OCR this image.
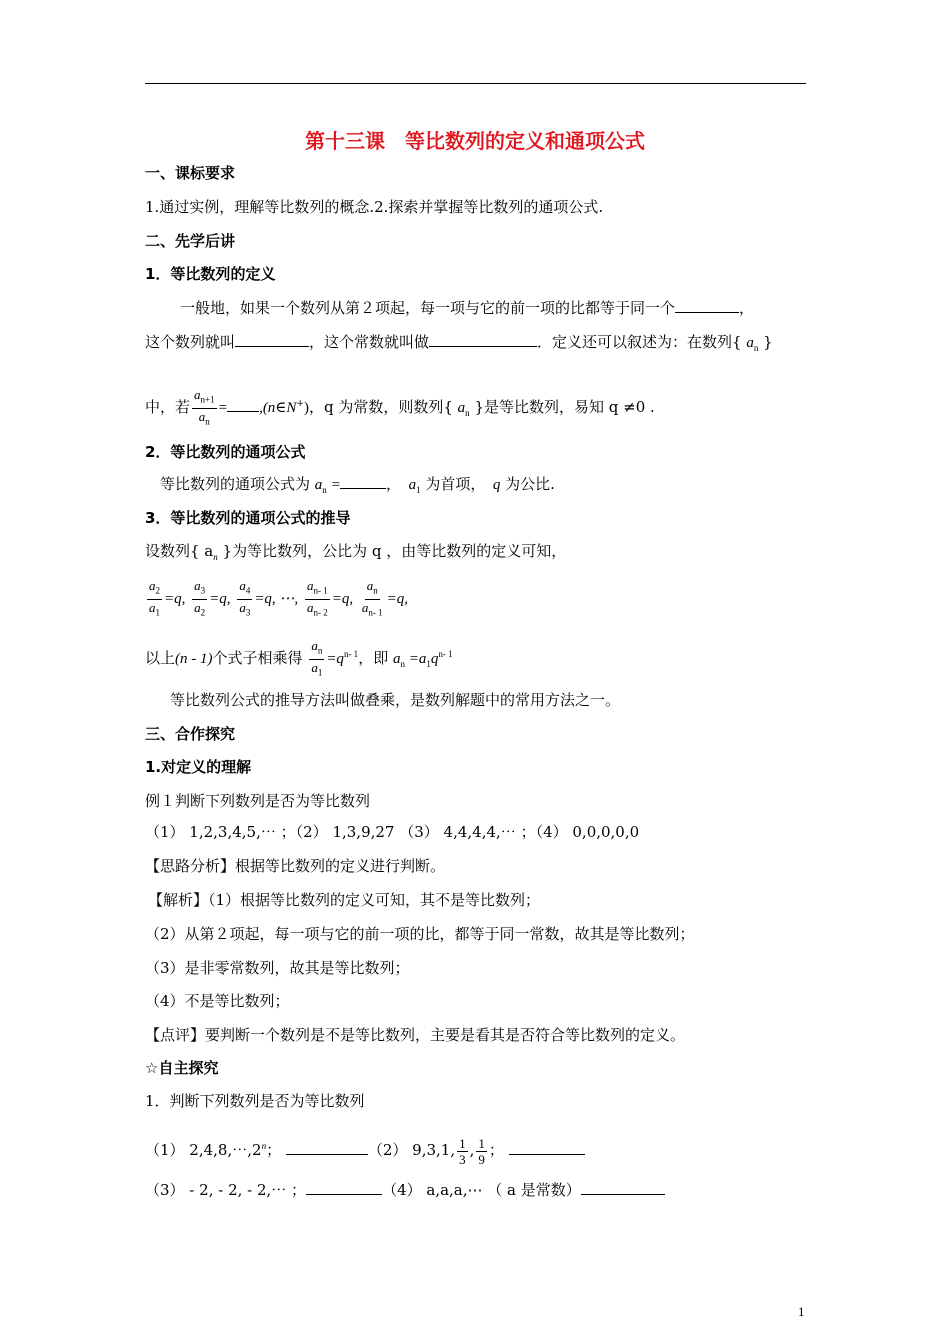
第十三课　等比数列的定义和通项公式
一、课标要求
1.通过实例，理解等比数列的概念.2.探索并掌握等比数列的通项公式.
二、先学后讲
1．等比数列的定义
一般地，如果一个数列从第２项起，每一项与它的前一项的比都等于同一个	，
这个数列就叫	，这个常数就叫做	．定义还可以叙述为：在数列{ $a_n$ }
中，若 $\frac{a_{n+1}}{a_n}$ = ,(n∈N+)，q 为常数，则数列{ $a_n$ }是等比数列，易知 q ≠0 .
2．等比数列的通项公式
等比数列的通项公式为 $a_n$ =	，　 $a_1$ 为首项，　 q 为公比.
3．等比数列的通项公式的推导
设数列{ $a_n$ }为等比数列，公比为 q ，由等比数列的定义可知，
$\frac{a_2}{a_1} =q$, $\frac{a_3}{a_2} =q$, $\frac{a_4}{a_3} =q$, ⋯, $\frac{a_{n- 1}}{a_{n- 2}} =q$, $\frac{a_n}{a_{n- 1}} =q$,
以上(n - 1)个式子相乘得 $\frac{a_n}{a_1} =q^{n- 1}$，即 $a_n =a_1q^{n- 1}$
等比数列公式的推导方法叫做叠乘，是数列解题中的常用方法之一。
三、合作探究
1.对定义的理解
例１判断下列数列是否为等比数列
（1） 1,2,3,4,5,⋯ ；（2） 1,3,9,27 （3） 4,4,4,4,⋯ ；（4） 0,0,0,0,0
【思路分析】根据等比数列的定义进行判断。
【解析】（1）根据等比数列的定义可知，其不是等比数列；
（2）从第２项起，每一项与它的前一项的比，都等于同一常数，故其是等比数列；
（3）是非零常数列，故其是等比数列；
（4）不是等比数列；
【点评】要判断一个数列是不是等比数列，主要是看其是否符合等比数列的定义。
☆自主探究
1．判断下列数列是否为等比数列
（1） 2,4,8,⋯,2$^n$；	（2） 9,3,1, $\frac{1}{3}$ , $\frac{1}{9}$ ；
（3） - 2, - 2, - 2,⋯ ；	（4） a,a,a,⋯ （ a 是常数）
1
